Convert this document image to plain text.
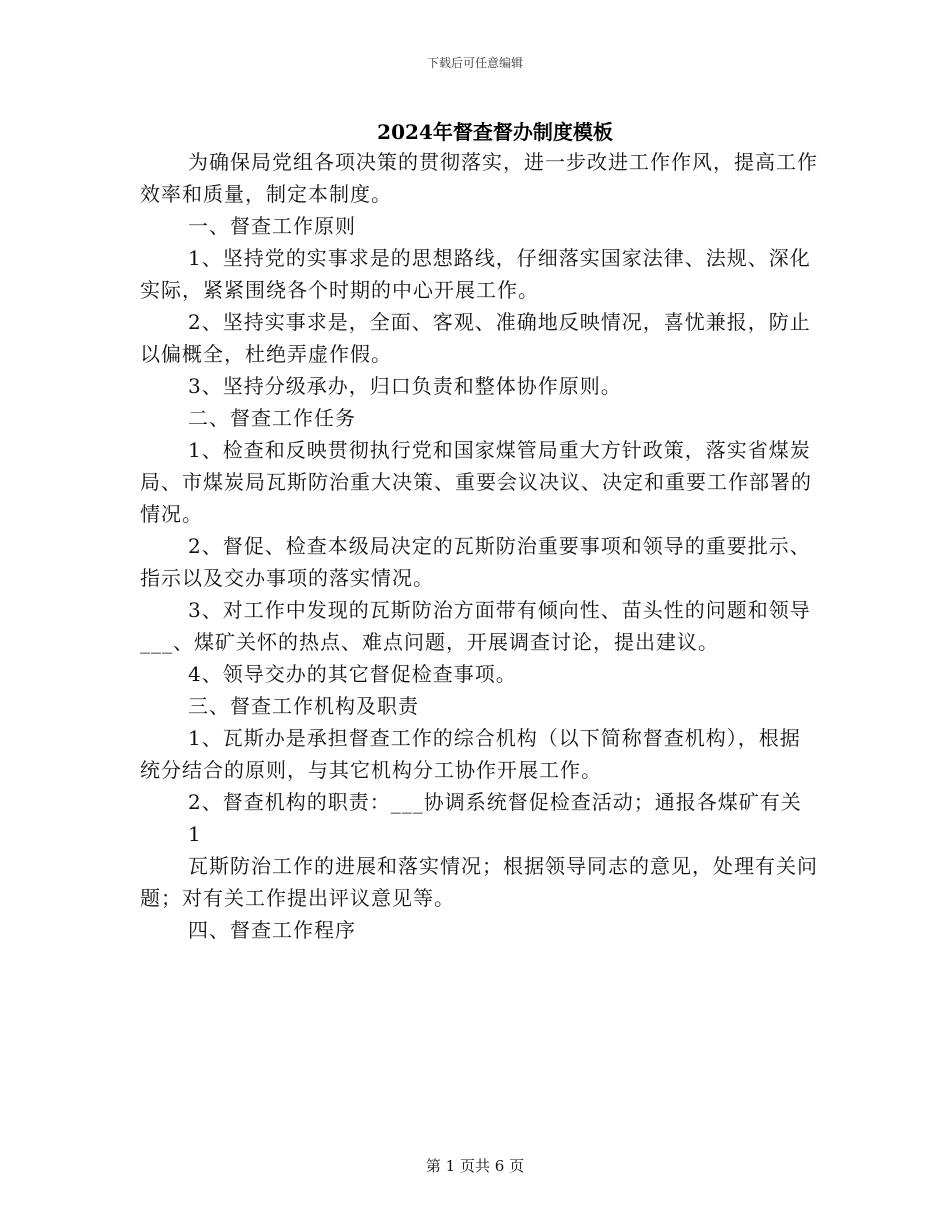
下载后可任意编辑
2024年督查督办制度模板

为确保局党组各项决策的贯彻落实，进一步改进工作作风，提高工作效率和质量，制定本制度。

一、督查工作原则

1、坚持党的实事求是的思想路线，仔细落实国家法律、法规、深化实际，紧紧围绕各个时期的中心开展工作。

2、坚持实事求是，全面、客观、准确地反映情况，喜忧兼报，防止以偏概全，杜绝弄虚作假。

3、坚持分级承办，归口负责和整体协作原则。

二、督查工作任务

1、检查和反映贯彻执行党和国家煤管局重大方针政策，落实省煤炭局、市煤炭局瓦斯防治重大决策、重要会议决议、决定和重要工作部署的情况。

2、督促、检查本级局决定的瓦斯防治重要事项和领导的重要批示、指示以及交办事项的落实情况。

3、对工作中发现的瓦斯防治方面带有倾向性、苗头性的问题和领导___、煤矿关怀的热点、难点问题，开展调查讨论，提出建议。

4、领导交办的其它督促检查事项。

三、督查工作机构及职责

1、瓦斯办是承担督查工作的综合机构（以下简称督查机构），根据统分结合的原则，与其它机构分工协作开展工作。

2、督查机构的职责：___协调系统督促检查活动；通报各煤矿有关

1

瓦斯防治工作的进展和落实情况；根据领导同志的意见，处理有关问题；对有关工作提出评议意见等。

四、督查工作程序

第 1 页共 6 页
